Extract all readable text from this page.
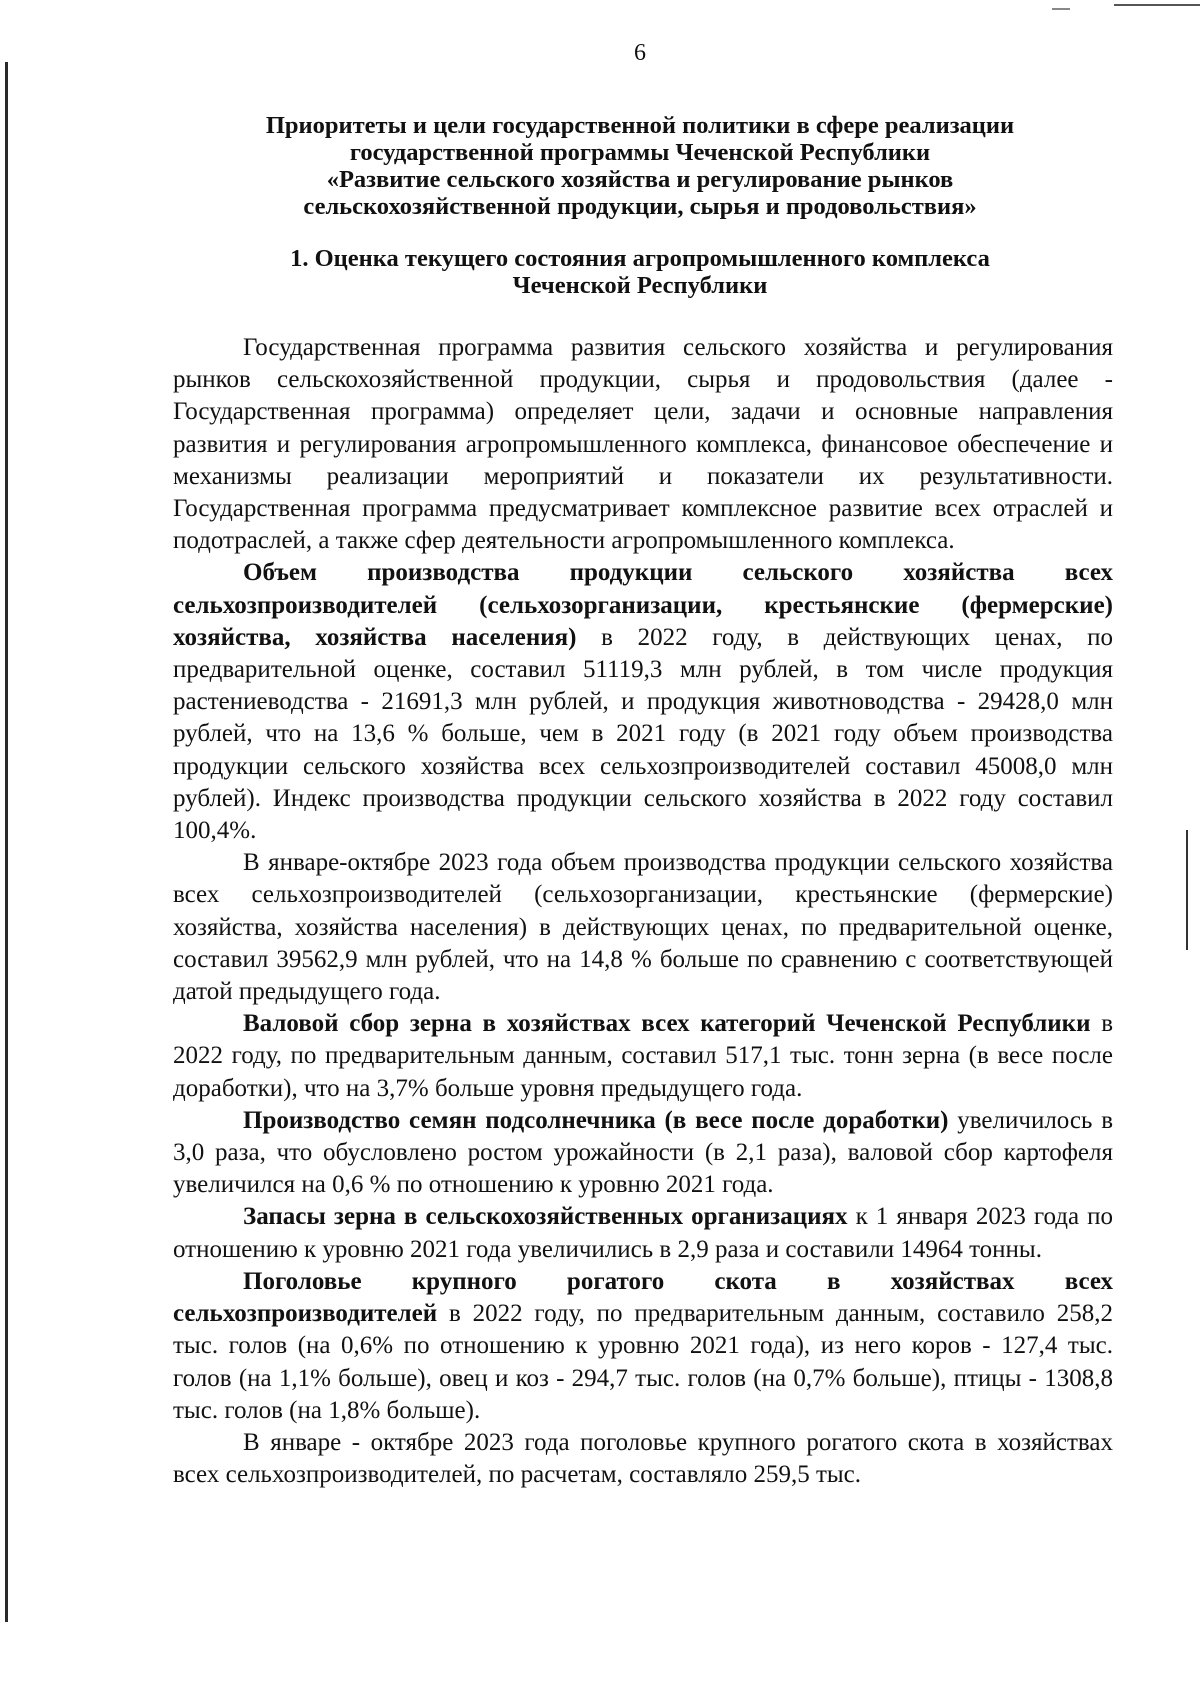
6
Приоритеты и цели государственной политики в сфере реализации
государственной программы Чеченской Республики
«Развитие сельского хозяйства и регулирование рынков
сельскохозяйственной продукции, сырья и продовольствия»
1. Оценка текущего состояния агропромышленного комплекса
Чеченской Республики

Государственная программа развития сельского хозяйства и регулирования рынков сельскохозяйственной продукции, сырья и продовольствия (далее - Государственная программа) определяет цели, задачи и основные направления развития и регулирования агропромышленного комплекса, финансовое обеспечение и механизмы реализации мероприятий и показатели их результативности. Государственная программа предусматривает комплексное развитие всех отраслей и подотраслей, а также сфер деятельности агропромышленного комплекса.

Объем производства продукции сельского хозяйства всех сельхозпроизводителей (сельхозорганизации, крестьянские (фермерские) хозяйства, хозяйства населения) в 2022 году, в действующих ценах, по предварительной оценке, составил 51119,3 млн рублей, в том числе продукция растениеводства - 21691,3 млн рублей, и продукция животноводства - 29428,0 млн рублей, что на 13,6 % больше, чем в 2021 году (в 2021 году объем производства продукции сельского хозяйства всех сельхозпроизводителей составил 45008,0 млн рублей). Индекс производства продукции сельского хозяйства в 2022 году составил 100,4%.

В январе-октябре 2023 года объем производства продукции сельского хозяйства всех сельхозпроизводителей (сельхозорганизации, крестьянские (фермерские) хозяйства, хозяйства населения) в действующих ценах, по предварительной оценке, составил 39562,9 млн рублей, что на 14,8 % больше по сравнению с соответствующей датой предыдущего года.

Валовой сбор зерна в хозяйствах всех категорий Чеченской Республики в 2022 году, по предварительным данным, составил 517,1 тыс. тонн зерна (в весе после доработки), что на 3,7% больше уровня предыдущего года.

Производство семян подсолнечника (в весе после доработки) увеличилось в 3,0 раза, что обусловлено ростом урожайности (в 2,1 раза), валовой сбор картофеля увеличился на 0,6 % по отношению к уровню 2021 года.

Запасы зерна в сельскохозяйственных организациях к 1 января 2023 года по отношению к уровню 2021 года увеличились в 2,9 раза и составили 14964 тонны.

Поголовье крупного рогатого скота в хозяйствах всех сельхозпроизводителей в 2022 году, по предварительным данным, составило 258,2 тыс. голов (на 0,6% по отношению к уровню 2021 года), из него коров - 127,4 тыс. голов (на 1,1% больше), овец и коз - 294,7 тыс. голов (на 0,7% больше), птицы - 1308,8 тыс. голов (на 1,8% больше).

В январе - октябре 2023 года поголовье крупного рогатого скота в хозяйствах всех сельхозпроизводителей, по расчетам, составляло 259,5 тыс.
